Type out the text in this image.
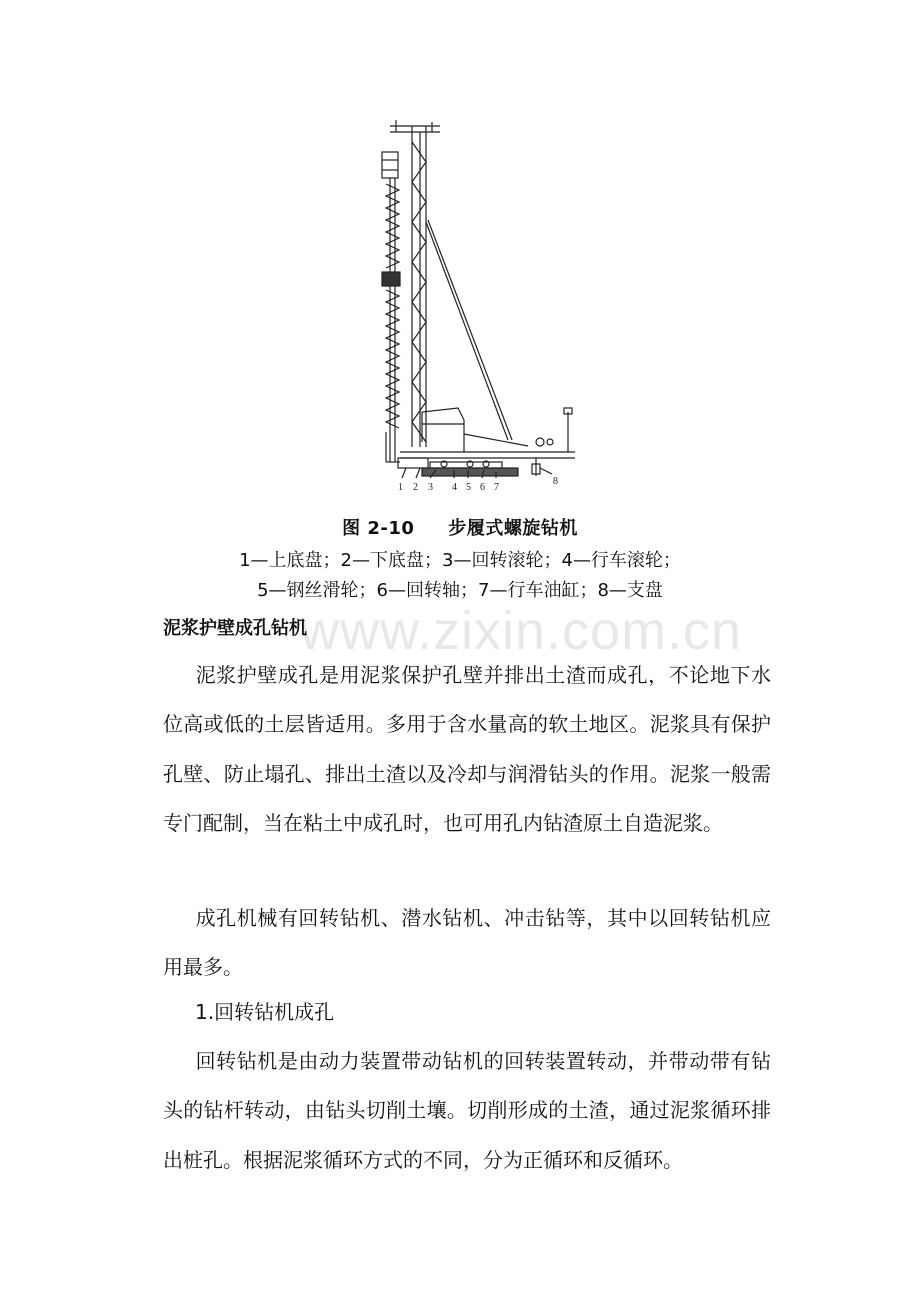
1 2 3 4 5 6 7
8
图 2-10 步履式螺旋钻机
1—上底盘；2—下底盘；3—回转滚轮；4—行车滚轮；
5—钢丝滑轮；6—回转轴；7—行车油缸；8—支盘
www.zixin.com.cn
泥浆护壁成孔钻机
泥浆护壁成孔是用泥浆保护孔壁并排出土渣而成孔，不论地下水位高或低的土层皆适用。多用于含水量高的软土地区。泥浆具有保护孔壁、防止塌孔、排出土渣以及冷却与润滑钻头的作用。泥浆一般需专门配制，当在粘土中成孔时，也可用孔内钻渣原土自造泥浆。
成孔机械有回转钻机、潜水钻机、冲击钻等，其中以回转钻机应用最多。
1.回转钻机成孔
回转钻机是由动力装置带动钻机的回转装置转动，并带动带有钻头的钻杆转动，由钻头切削土壤。切削形成的土渣，通过泥浆循环排出桩孔。根据泥浆循环方式的不同，分为正循环和反循环。
